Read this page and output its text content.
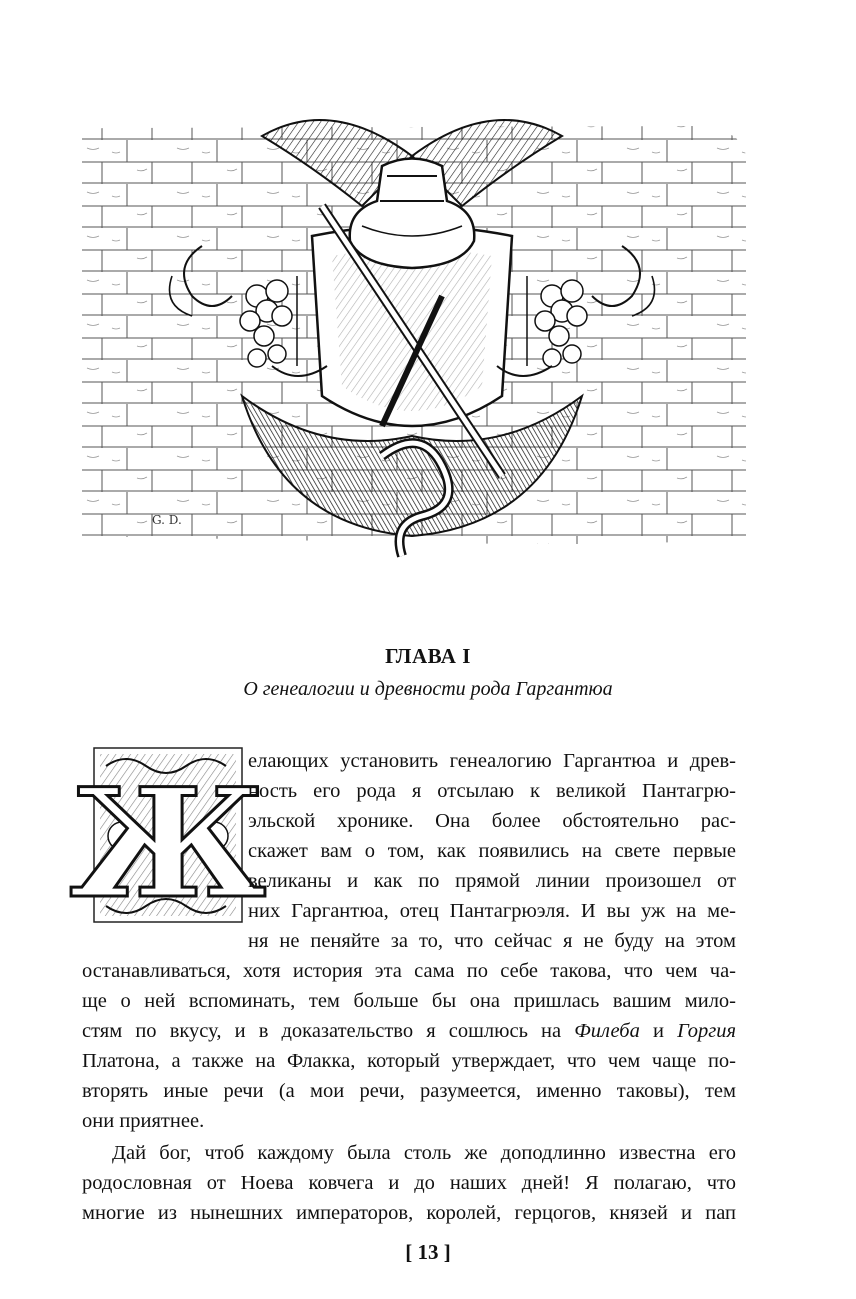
G. D.
ГЛАВА I
О генеалогии и древности рода Гаргантюа
Ж
елающих установить генеалогию Гаргантюа и древ-
ность его рода я отсылаю к великой Пантагрю-
эльской хронике. Она более обстоятельно рас-
скажет вам о том, как появились на свете первые
великаны и как по прямой линии произошел от
них Гаргантюа, отец Пантагрюэля. И вы уж на ме-
ня не пеняйте за то, что сейчас я не буду на этом
останавливаться, хотя история эта сама по себе такова, что чем ча-
ще о ней вспоминать, тем больше бы она пришлась вашим мило-
стям по вкусу, и в доказательство я сошлюсь на Филеба и Горгия
Платона, а также на Флакка, который утверждает, что чем чаще по-
вторять иные речи (а мои речи, разумеется, именно таковы), тем
они приятнее.
Дай бог, чтоб каждому была столь же доподлинно известна его
родословная от Ноева ковчега и до наших дней! Я полагаю, что
многие из нынешних императоров, королей, герцогов, князей и пап
[ 13 ]
